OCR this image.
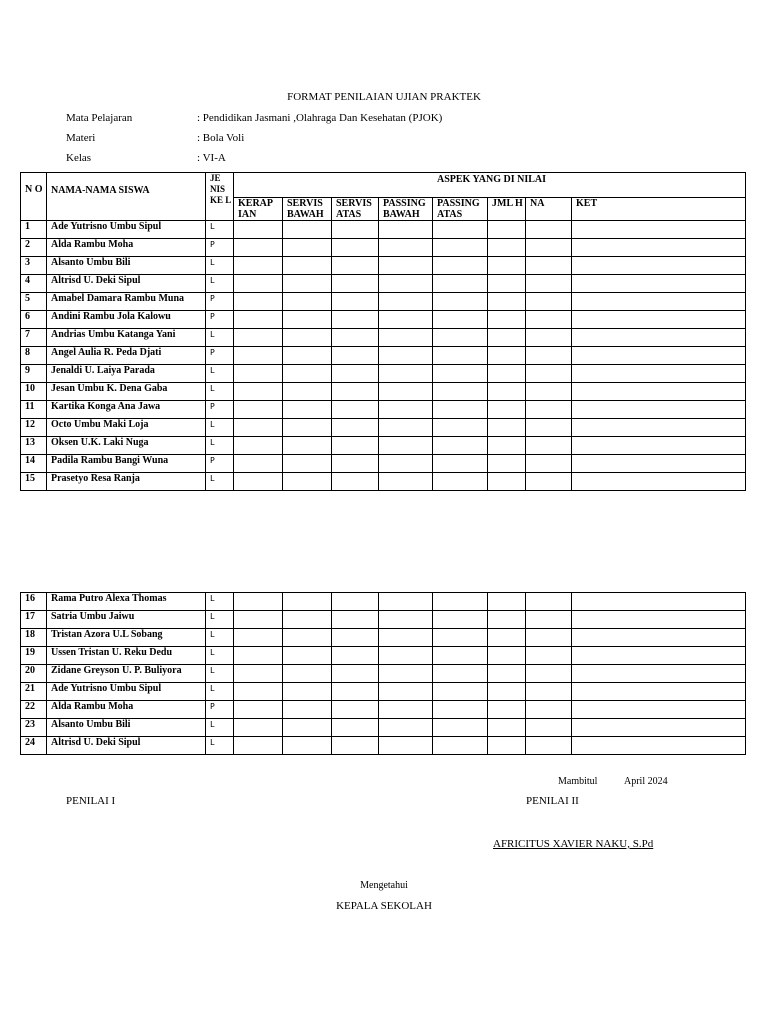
FORMAT PENILAIAN UJIAN PRAKTEK
Mata Pelajaran	: Pendidikan Jasmani ,Olahraga Dan Kesehatan (PJOK)
Materi	: Bola Voli
Kelas	: VI-A
N O	NAMA-NAMA SISWA	JE NIS KE L	ASPEK YANG DI NILAI							
			KERAP IAN	SERVIS BAWAH	SERVIS ATAS	PASSING BAWAH	PASSING ATAS	JML H	NA	KET
1	Ade Yutrisno Umbu Sipul	L								
2	Alda Rambu Moha	P								
3	Alsanto Umbu Bili	L								
4	Altrisd U. Deki Sipul	L								
5	Amabel Damara Rambu Muna	P								
6	Andini Rambu Jola Kalowu	P								
7	Andrias Umbu Katanga Yani	L								
8	Angel Aulia R. Peda Djati	P								
9	Jenaldi U. Laiya Parada	L								
10	Jesan Umbu K. Dena Gaba	L								
11	Kartika Konga Ana Jawa	P								
12	Octo Umbu Maki Loja	L								
13	Oksen U.K. Laki Nuga	L								
14	Padila Rambu Bangi Wuna	P								
15	Prasetyo Resa Ranja	L								
16	Rama Putro Alexa Thomas	L								
17	Satria Umbu Jaiwu	L								
18	Tristan Azora U.L Sobang	L								
19	Ussen Tristan U. Reku Dedu	L								
20	Zidane Greyson U. P. Buliyora	L								
21	Ade Yutrisno Umbu Sipul	L								
22	Alda Rambu Moha	P								
23	Alsanto Umbu Bili	L								
24	Altrisd U. Deki Sipul	L								
Mambitul	April 2024
PENILAI I	PENILAI II
AFRICITUS XAVIER NAKU, S.Pd
Mengetahui
KEPALA SEKOLAH
